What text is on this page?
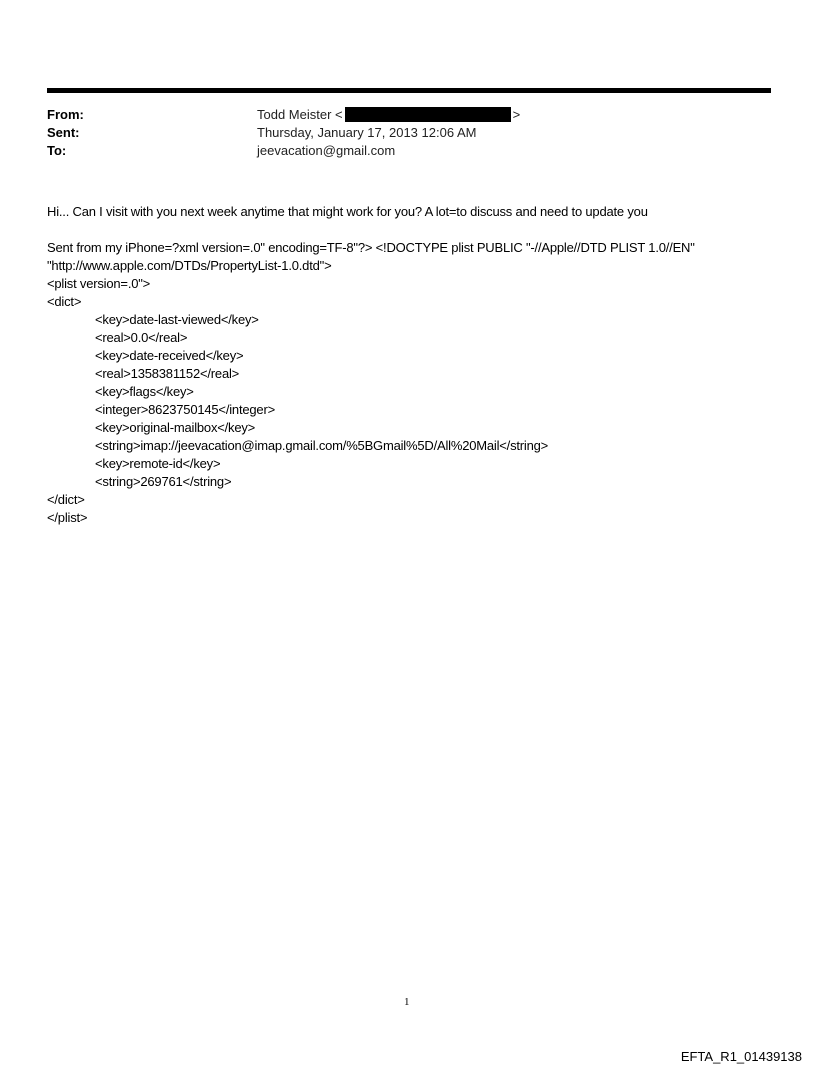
From:	Todd Meister <	>
Sent:	Thursday, January 17, 2013 12:06 AM
To:	jeevacation@gmail.com
Hi... Can I visit with you next week anytime that might work for you? A lot=to discuss and need to update you
Sent from my iPhone=?xml version=.0" encoding=TF-8"?> <!DOCTYPE plist PUBLIC "-//Apple//DTD PLIST 1.0//EN"
"http://www.apple.com/DTDs/PropertyList-1.0.dtd">
<plist version=.0">
<dict>
<key>date-last-viewed</key>
<real>0.0</real>
<key>date-received</key>
<real>1358381152</real>
<key>flags</key>
<integer>8623750145</integer>
<key>original-mailbox</key>
<string>imap://jeevacation@imap.gmail.com/%5BGmail%5D/All%20Mail</string>
<key>remote-id</key>
<string>269761</string>
</dict>
</plist>
1
EFTA_R1_01439138
